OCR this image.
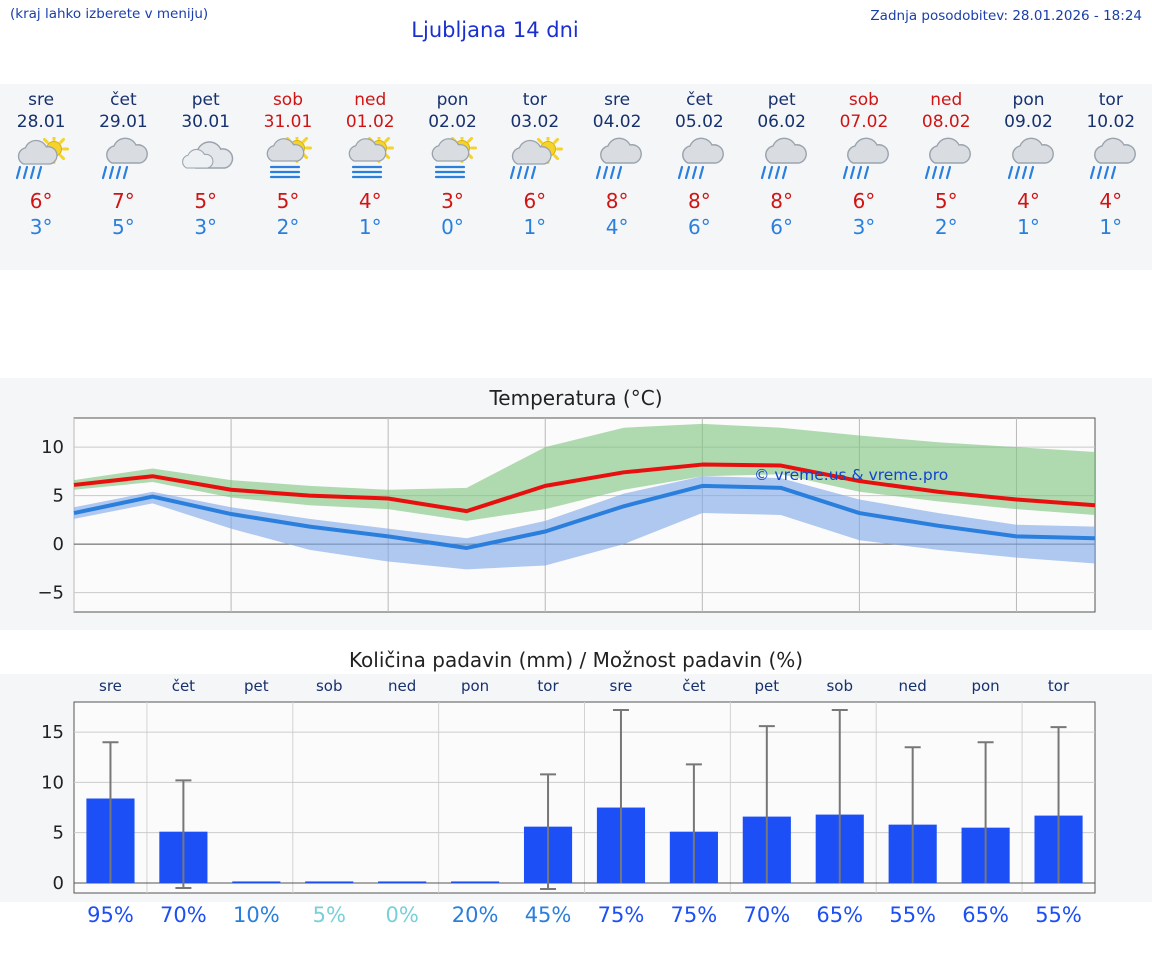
(kraj lahko izberete v meniju)
Ljubljana 14 dni
Zadnja posodobitev: 28.01.2026 - 18:24
sre
28.01
6°
3°
čet
29.01
7°
5°
pet
30.01
5°
3°
sob
31.01
5°
2°
ned
01.02
4°
1°
pon
02.02
3°
0°
tor
03.02
6°
1°
sre
04.02
8°
4°
čet
05.02
8°
6°
pet
06.02
8°
6°
sob
07.02
6°
3°
ned
08.02
5°
2°
pon
09.02
4°
1°
tor
10.02
4°
1°
Temperatura (°C)
−5
0
5
10
© vreme.us & vreme.pro
Količina padavin (mm) / Možnost padavin (%)
sre	čet	pet	sob	ned	pon	tor	sre	čet	pet	sob	ned	pon	tor
0
5
10
15
95%	70%	10%	5%	0%	20%	45%	75%	75%	70%	65%	55%	65%	55%
